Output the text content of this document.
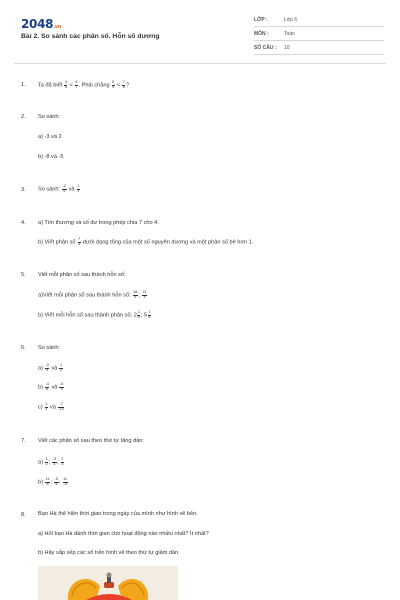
2048.vn
Bài 2. So sánh các phân số. Hỗn số dương
LỚP :	Lớp 6
MÔN :	Toán
SỐ CÂU : 10
1. Ta đã biết $\frac{4}{5} < \frac{6}{7}$ . Phải chăng $\frac{5}{4} < \frac{7}{6}$ ?
2. So sánh:
a) -3 và 2
b) -8 và -5
3. So sánh: $\frac{-2}{5}$ và $\frac{1}{3}$
4. a) Tìm thương và số dư trong phép chia 7 cho 4.
b) Viết phân số $\frac{7}{4}$ dưới dạng tổng của một số nguyên dương và một phân số bé hơn 1.
5. Viết mỗi phân số sau thành hỗn số:
a)Viết mỗi phân số sau thành hỗn số: $\frac{18}{5}$ ; $\frac{21}{4}$
b) Viết mỗi hỗn số sau thành phân số: $2 \frac{1}{5}$ ; $5 \frac{1}{6}$
6. So sánh:
$a) \frac{-3}{4}$ và $\frac{1}{2}$
$b) \frac{-4}{6}$ và $\frac{-5}{9}$
$c) \frac{3}{4}$ và $\frac{-7}{-10}$
7. Viết các phân số sau theo thứ tự tăng dần:
$a) \frac{1}{2}$ ; $\frac{-3}{4}$ ; $\frac{2}{3}$
$b) \frac{11}{6}$ ; $\frac{-5}{4}$ ; $\frac{11}{-4}$
8. Bạn Hà thể hiện thời gian trong ngày của mình như hình vẽ bên.
a) Hỏi bạn Hà dành thời gian cho hoạt động nào nhiều nhất? Ít nhất?
b) Hãy sắp xếp các số trên hình vẽ theo thứ tự giảm dần.
